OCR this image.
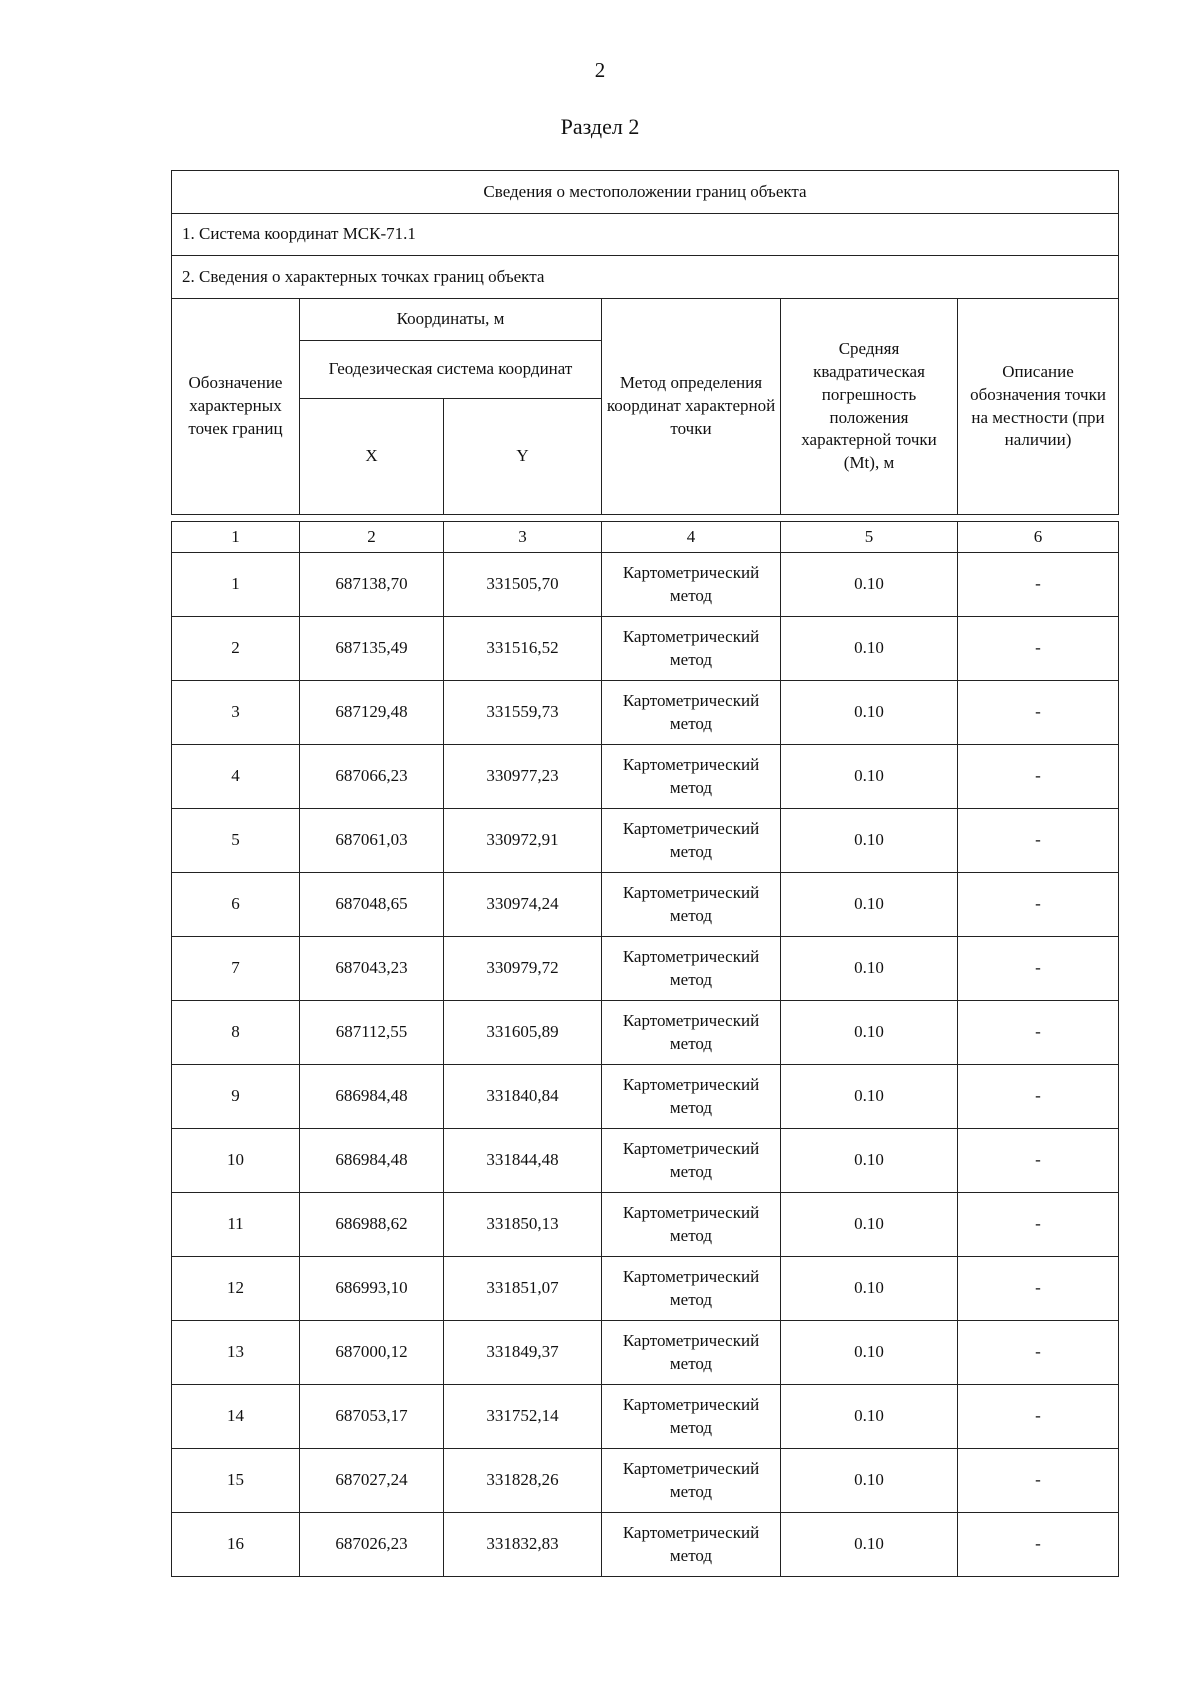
2
Раздел 2
Сведения о местоположении границ объекта					
1. Система координат МСК-71.1					
2. Сведения о характерных точках границ объекта					
Обозначение характерных точек границ	Координаты, м		Метод определения координат характерной точки	Средняя квадратическая погрешность положения характерной точки (Mt), м	Описание обозначения точки на местности (при наличии)
	Геодезическая система координат				
	X	Y			
1	2	3	4	5	6
1	687138,70	331505,70	Картометрический метод	0.10	-
2	687135,49	331516,52	Картометрический метод	0.10	-
3	687129,48	331559,73	Картометрический метод	0.10	-
4	687066,23	330977,23	Картометрический метод	0.10	-
5	687061,03	330972,91	Картометрический метод	0.10	-
6	687048,65	330974,24	Картометрический метод	0.10	-
7	687043,23	330979,72	Картометрический метод	0.10	-
8	687112,55	331605,89	Картометрический метод	0.10	-
9	686984,48	331840,84	Картометрический метод	0.10	-
10	686984,48	331844,48	Картометрический метод	0.10	-
11	686988,62	331850,13	Картометрический метод	0.10	-
12	686993,10	331851,07	Картометрический метод	0.10	-
13	687000,12	331849,37	Картометрический метод	0.10	-
14	687053,17	331752,14	Картометрический метод	0.10	-
15	687027,24	331828,26	Картометрический метод	0.10	-
16	687026,23	331832,83	Картометрический метод	0.10	-
